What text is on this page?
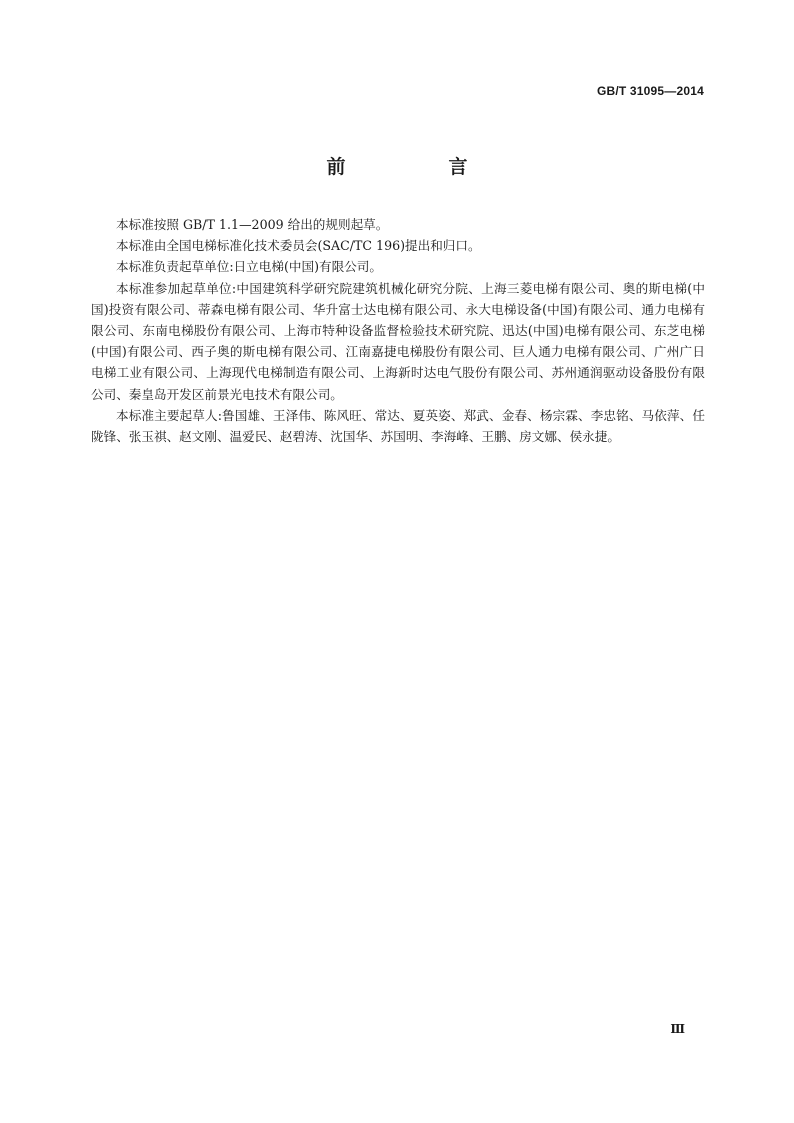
GB/T 31095—2014
前　言

本标准按照 GB/T 1.1—2009 给出的规则起草。

本标准由全国电梯标准化技术委员会(SAC/TC 196)提出和归口。

本标准负责起草单位:日立电梯(中国)有限公司。

本标准参加起草单位:中国建筑科学研究院建筑机械化研究分院、上海三菱电梯有限公司、奥的斯电梯(中国)投资有限公司、蒂森电梯有限公司、华升富士达电梯有限公司、永大电梯设备(中国)有限公司、通力电梯有限公司、东南电梯股份有限公司、上海市特种设备监督检验技术研究院、迅达(中国)电梯有限公司、东芝电梯(中国)有限公司、西子奥的斯电梯有限公司、江南嘉捷电梯股份有限公司、巨人通力电梯有限公司、广州广日电梯工业有限公司、上海现代电梯制造有限公司、上海新时达电气股份有限公司、苏州通润驱动设备股份有限公司、秦皇岛开发区前景光电技术有限公司。

本标准主要起草人:鲁国雄、王泽伟、陈风旺、常达、夏英姿、郑武、金春、杨宗霖、李忠铭、马依萍、任陇锋、张玉祺、赵文刚、温爱民、赵碧涛、沈国华、苏国明、李海峰、王鹏、房文娜、侯永捷。

Ⅲ
